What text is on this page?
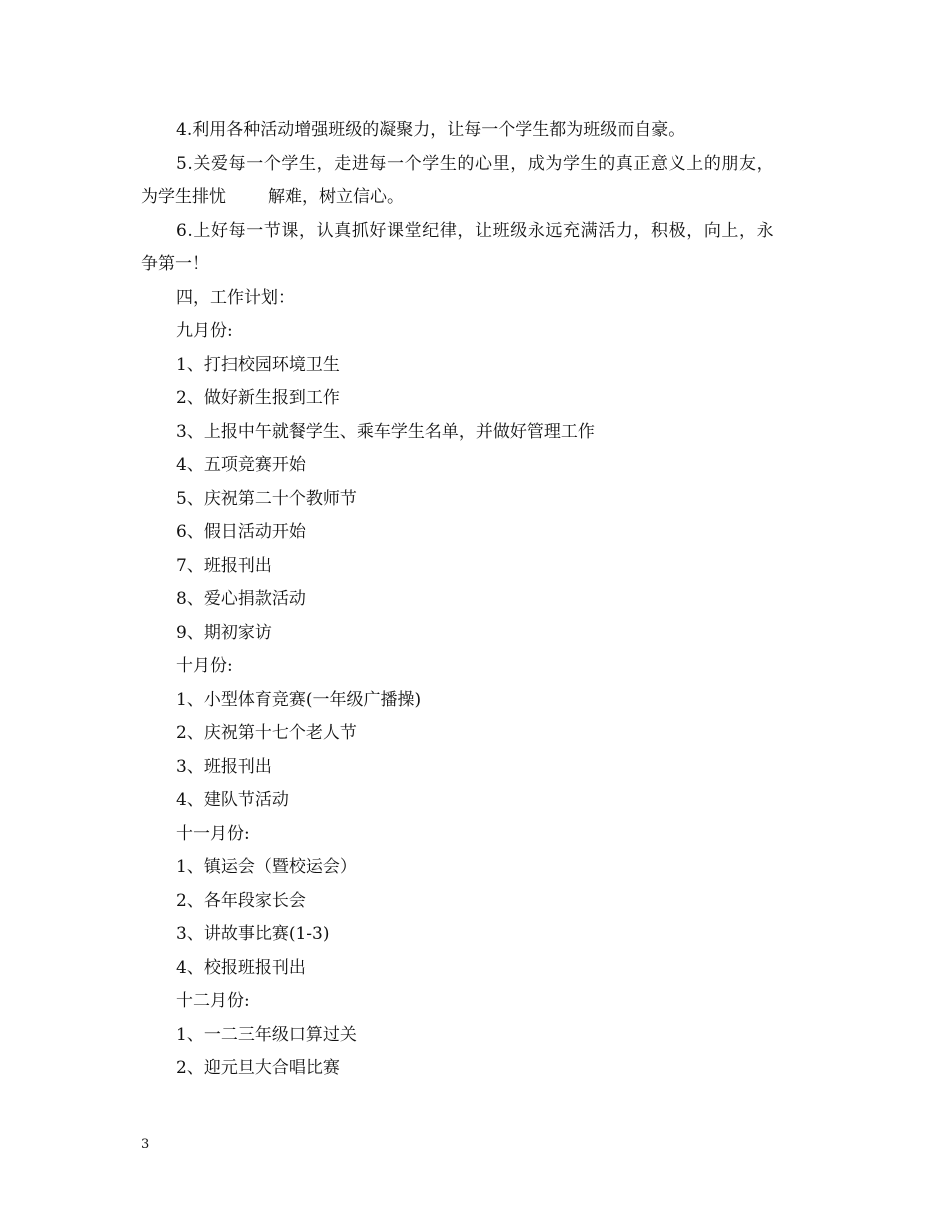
4.利用各种活动增强班级的凝聚力，让每一个学生都为班级而自豪。
5.关爱每一个学生，走进每一个学生的心里，成为学生的真正意义上的朋友，
为学生排忧 解难，树立信心。
6.上好每一节课，认真抓好课堂纪律，让班级永远充满活力，积极，向上，永
争第一！
四，工作计划：
九月份:
1、打扫校园环境卫生
2、做好新生报到工作
3、上报中午就餐学生、乘车学生名单，并做好管理工作
4、五项竞赛开始
5、庆祝第二十个教师节
6、假日活动开始
7、班报刊出
8、爱心捐款活动
9、期初家访
十月份:
1、小型体育竞赛(一年级广播操)
2、庆祝第十七个老人节
3、班报刊出
4、建队节活动
十一月份:
1、镇运会（暨校运会）
2、各年段家长会
3、讲故事比赛(1-3)
4、校报班报刊出
十二月份:
1、一二三年级口算过关
2、迎元旦大合唱比赛
3
